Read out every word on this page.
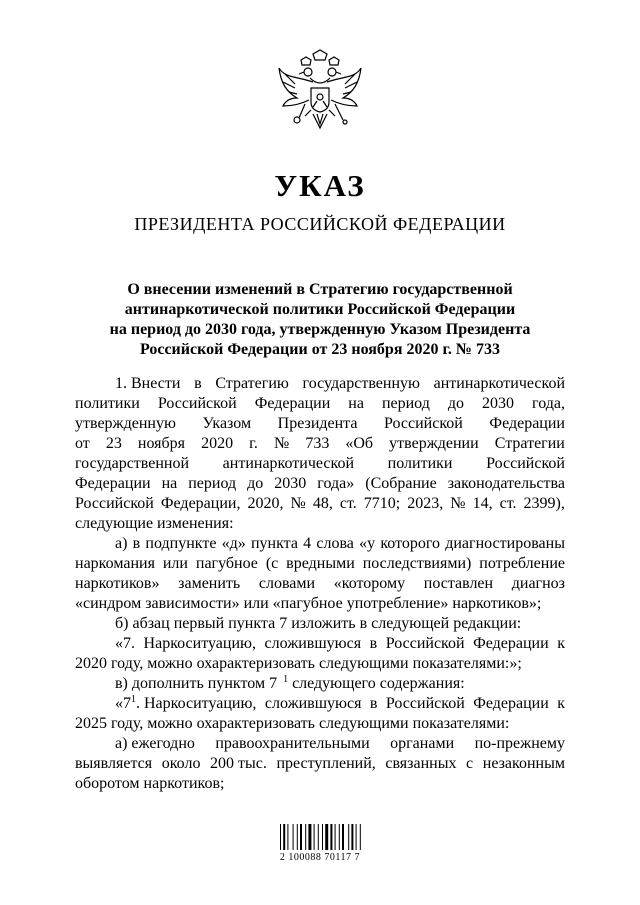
УКАЗ
ПРЕЗИДЕНТА РОССИЙСКОЙ ФЕДЕРАЦИИ
О внесении изменений в Стратегию государственной
антинаркотической политики Российской Федерации
на период до 2030 года, утвержденную Указом Президента
Российской Федерации от 23 ноября 2020 г. № 733
1. Внести в Стратегию государственную антинаркотической
политики Российской Федерации на период до 2030 года,
утвержденную Указом Президента Российской Федерации
от 23 ноября 2020 г. № 733 «Об утверждении Стратегии
государственной антинаркотической политики Российской
Федерации на период до 2030 года» (Собрание законодательства
Российской Федерации, 2020, № 48, ст. 7710; 2023, № 14, ст. 2399),
следующие изменения:
а) в подпункте «д» пункта 4 слова «у которого диагностированы
наркомания или пагубное (с вредными последствиями) потребление
наркотиков» заменить словами «которому поставлен диагноз
«синдром зависимости» или «пагубное употребление» наркотиков»;
б) абзац первый пункта 7 изложить в следующей редакции:
«7. Наркоситуацию, сложившуюся в Российской Федерации к
2020 году, можно охарактеризовать следующими показателями:»;
в) дополнить пунктом 7 $^1$ следующего содержания:
«$7^1$. Наркоситуацию, сложившуюся в Российской Федерации к
2025 году, можно охарактеризовать следующими показателями:
а) ежегодно правоохранительными органами по-прежнему
выявляется около 200 тыс. преступлений, связанных с незаконным
оборотом наркотиков;
2 100088 70117 7
